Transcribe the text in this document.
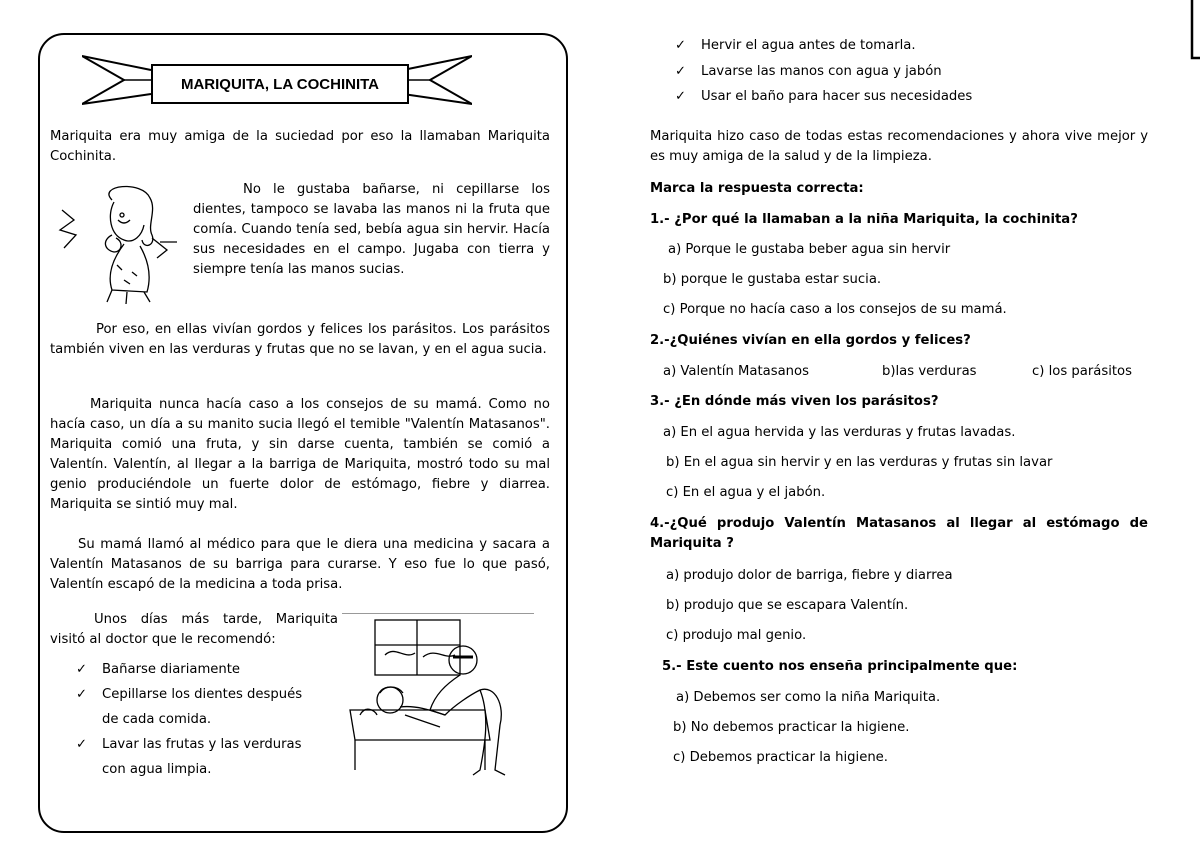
MARIQUITA, LA COCHINITA

Mariquita era muy amiga de la suciedad por eso la llamaban Mariquita Cochinita.

No le gustaba bañarse, ni cepillarse los dientes, tampoco se lavaba las manos ni la fruta que comía. Cuando tenía sed, bebía agua sin hervir. Hacía sus necesidades en el campo. Jugaba con tierra y siempre tenía las manos sucias.

Por eso, en ellas vivían gordos y felices los parásitos. Los parásitos también viven en las verduras y frutas que no se lavan, y en el agua sucia.

Mariquita nunca hacía caso a los consejos de su mamá. Como no hacía caso, un día a su manito sucia llegó el temible "Valentín Matasanos". Mariquita comió una fruta, y sin darse cuenta, también se comió a Valentín. Valentín, al llegar a la barriga de Mariquita, mostró todo su mal genio produciéndole un fuerte dolor de estómago, fiebre y diarrea. Mariquita se sintió muy mal.

Su mamá llamó al médico para que le diera una medicina y sacara a Valentín Matasanos de su barriga para curarse. Y eso fue lo que pasó, Valentín escapó de la medicina a toda prisa.

Unos días más tarde, Mariquita visitó al doctor que le recomendó:

✓ Bañarse diariamente
✓ Cepillarse los dientes después
de cada comida.
✓ Lavar las frutas y las verduras
con agua limpia.
✓ Hervir el agua antes de tomarla.
✓ Lavarse las manos con agua y jabón
✓ Usar el baño para hacer sus necesidades

Mariquita hizo caso de todas estas recomendaciones y ahora vive mejor y es muy amiga de la salud y de la limpieza.

Marca la respuesta correcta:
1.- ¿Por qué la llamaban a la niña Mariquita, la cochinita?
a) Porque le gustaba beber agua sin hervir
b) porque le gustaba estar sucia.
c) Porque no hacía caso a los consejos de su mamá.
2.-¿Quiénes vivían en ella gordos y felices?
a) Valentín Matasanos	b)las verduras	c) los parásitos
3.- ¿En dónde más viven los parásitos?
a) En el agua hervida y las verduras y frutas lavadas.
b) En el agua sin hervir y en las verduras y frutas sin lavar
c) En el agua y el jabón.
4.-¿Qué produjo Valentín Matasanos al llegar al estómago de Mariquita ?
a) produjo dolor de barriga, fiebre y diarrea
b) produjo que se escapara Valentín.
c) produjo mal genio.
5.- Este cuento nos enseña principalmente que:
a) Debemos ser como la niña Mariquita.
b) No debemos practicar la higiene.
c) Debemos practicar la higiene.
